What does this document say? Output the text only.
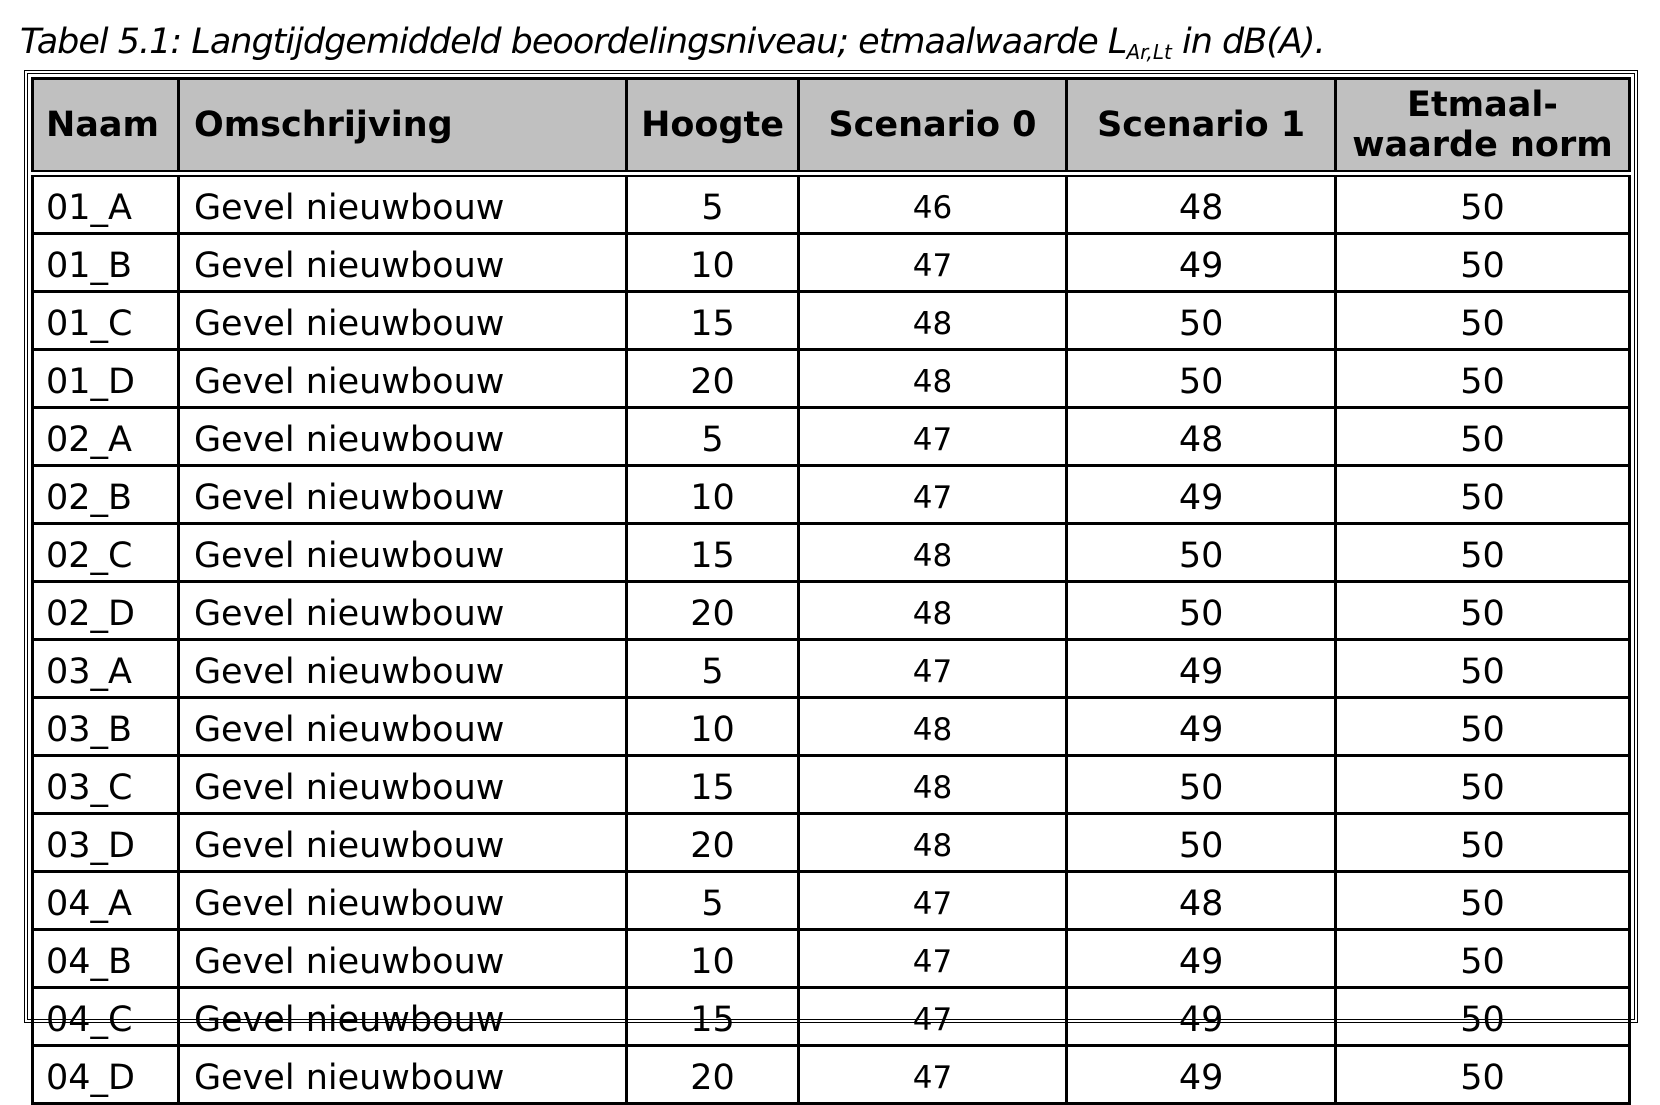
Tabel 5.1: Langtijdgemiddeld beoordelingsniveau; etmaalwaarde $L_{Ar,Lt}$ in dB(A).
Naam	Omschrijving	Hoogte	Scenario 0	Scenario 1	Etmaal-
waarde norm
01_A	Gevel nieuwbouw	5	46	48	50
01_B	Gevel nieuwbouw	10	47	49	50
01_C	Gevel nieuwbouw	15	48	50	50
01_D	Gevel nieuwbouw	20	48	50	50
02_A	Gevel nieuwbouw	5	47	48	50
02_B	Gevel nieuwbouw	10	47	49	50
02_C	Gevel nieuwbouw	15	48	50	50
02_D	Gevel nieuwbouw	20	48	50	50
03_A	Gevel nieuwbouw	5	47	49	50
03_B	Gevel nieuwbouw	10	48	49	50
03_C	Gevel nieuwbouw	15	48	50	50
03_D	Gevel nieuwbouw	20	48	50	50
04_A	Gevel nieuwbouw	5	47	48	50
04_B	Gevel nieuwbouw	10	47	49	50
04_C	Gevel nieuwbouw	15	47	49	50
04_D	Gevel nieuwbouw	20	47	49	50
